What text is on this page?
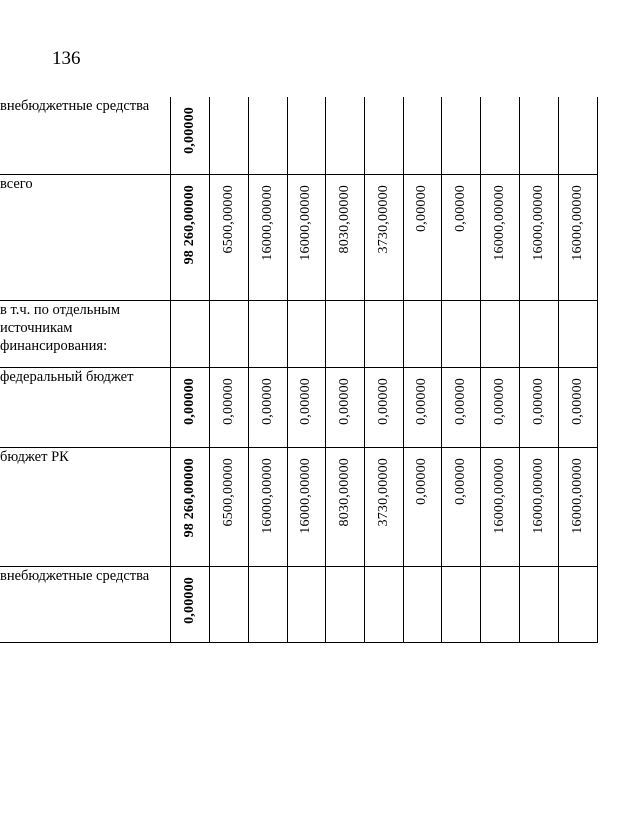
136
внебюджетные средства	0,00000										

всего	98 260,00000	6500,00000	16000,00000	16000,00000	8030,00000	3730,00000	0,00000	0,00000	16000,00000	16000,00000	16000,00000

в т.ч. по отдельным источникам финансирования:	

федеральный бюджет	0,00000	0,00000	0,00000	0,00000	0,00000	0,00000	0,00000	0,00000	0,00000	0,00000	0,00000

бюджет РК	98 260,00000	6500,00000	16000,00000	16000,00000	8030,00000	3730,00000	0,00000	0,00000	16000,00000	16000,00000	16000,00000

внебюджетные средства	0,00000										
